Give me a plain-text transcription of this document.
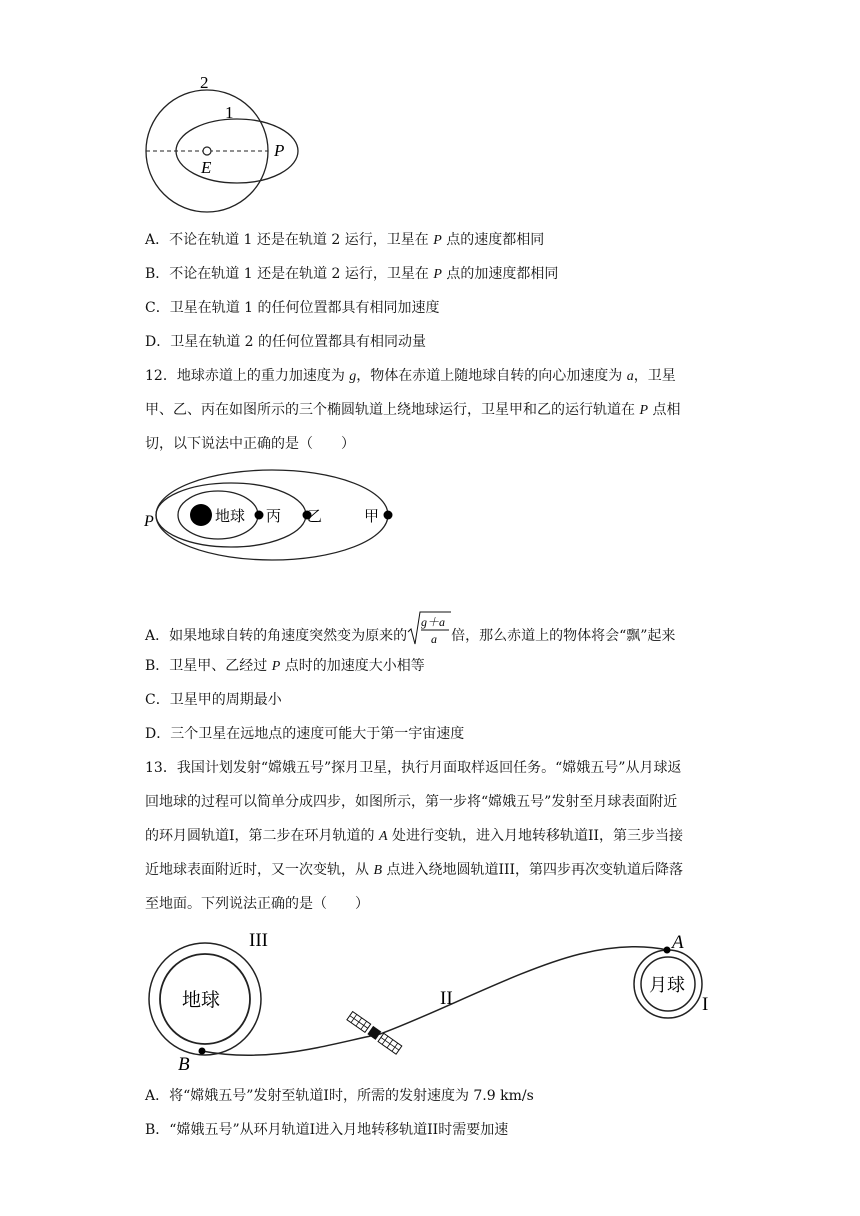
2
1
E
P
A．不论在轨道 1 还是在轨道 2 运行，卫星在 P 点的速度都相同
B．不论在轨道 1 还是在轨道 2 运行，卫星在 P 点的加速度都相同
C．卫星在轨道 1 的任何位置都具有相同加速度
D．卫星在轨道 2 的任何位置都具有相同动量
12．地球赤道上的重力加速度为 g，物体在赤道上随地球自转的向心加速度为 a，卫星
甲、乙、丙在如图所示的三个椭圆轨道上绕地球运行，卫星甲和乙的运行轨道在 P 点相
切，以下说法中正确的是（　　）
地球 丙 乙	甲
P
A．如果地球自转的角速度突然变为原来的
g＋a
a 倍，那么赤道上的物体将会“飘”起来
B．卫星甲、乙经过 P 点时的加速度大小相等
C．卫星甲的周期最小
D．三个卫星在远地点的速度可能大于第一宇宙速度
13．我国计划发射“嫦娥五号”探月卫星，执行月面取样返回任务。“嫦娥五号”从月球返
回地球的过程可以简单分成四步，如图所示，第一步将“嫦娥五号”发射至月球表面附近
的环月圆轨道I，第二步在环月轨道的 A 处进行变轨，进入月地转移轨道II，第三步当接
近地球表面附近时，又一次变轨，从 B 点进入绕地圆轨道III，第四步再次变轨道后降落
至地面。下列说法正确的是（　　）
地球
III
II
B
月球
I
A
A．将“嫦娥五号”发射至轨道I时，所需的发射速度为 7.9 km/s
B．“嫦娥五号”从环月轨道I进入月地转移轨道II时需要加速
